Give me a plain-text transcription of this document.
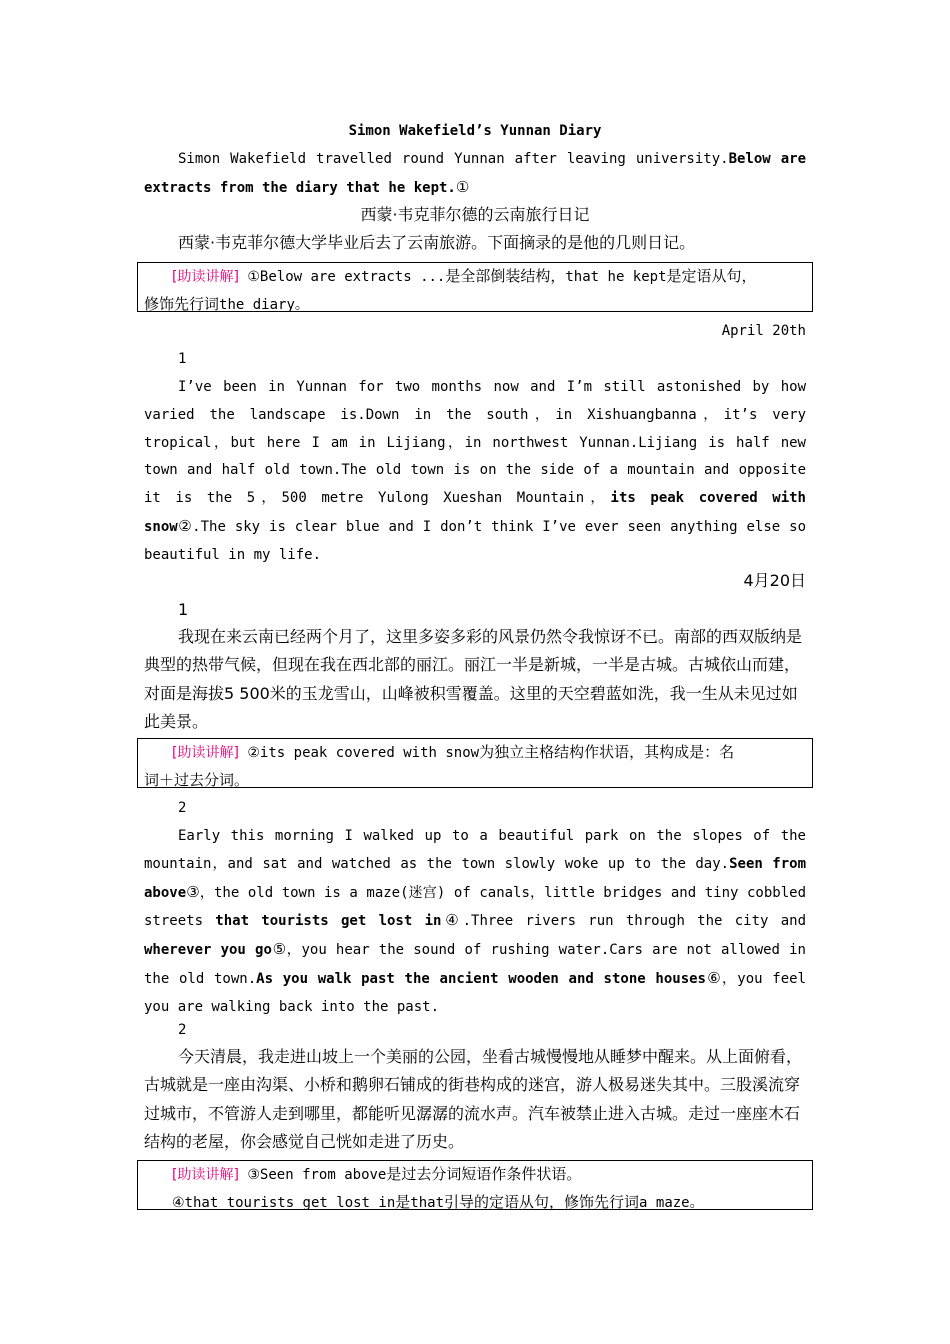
Simon Wakefield’s Yunnan Diary

Simon Wakefield travelled round Yunnan after leaving university.Below are extracts from the diary that he kept.①

西蒙·韦克菲尔德的云南旅行日记

西蒙·韦克菲尔德大学毕业后去了云南旅游。下面摘录的是他的几则日记。

[助读讲解] ①Below are extracts ...是全部倒装结构，that he kept是定语从句，

修饰先行词the diary。

April 20th

1

I’ve been in Yunnan for two months now and I’m still astonished by how varied the landscape is.Down in the south，in Xishuangbanna，it’s very tropical，but here I am in Lijiang，in northwest Yunnan.Lijiang is half new town and half old town.The old town is on the side of a mountain and opposite it is the 5，500 metre Yulong Xueshan Mountain，its peak covered with snow②.The sky is clear blue and I don’t think I’ve ever seen anything else so beautiful in my life.

4月20日

1

我现在来云南已经两个月了，这里多姿多彩的风景仍然令我惊讶不已。南部的西双版纳是典型的热带气候，但现在我在西北部的丽江。丽江一半是新城，一半是古城。古城依山而建，对面是海拔5 500米的玉龙雪山，山峰被积雪覆盖。这里的天空碧蓝如洗，我一生从未见过如此美景。

[助读讲解] ②its peak covered with snow为独立主格结构作状语，其构成是：名

词＋过去分词。

2

Early this morning I walked up to a beautiful park on the slopes of the mountain，and sat and watched as the town slowly woke up to the day.Seen from above③，the old town is a maze(迷宫) of canals，little bridges and tiny cobbled streets that tourists get lost in④.Three rivers run through the city and wherever you go⑤，you hear the sound of rushing water.Cars are not allowed in the old town.As you walk past the ancient wooden and stone houses⑥，you feel you are walking back into the past.

2

今天清晨，我走进山坡上一个美丽的公园，坐看古城慢慢地从睡梦中醒来。从上面俯看，古城就是一座由沟渠、小桥和鹅卵石铺成的街巷构成的迷宫，游人极易迷失其中。三股溪流穿过城市，不管游人走到哪里，都能听见潺潺的流水声。汽车被禁止进入古城。走过一座座木石结构的老屋，你会感觉自己恍如走进了历史。

[助读讲解] ③Seen from above是过去分词短语作条件状语。

④that tourists get lost in是that引导的定语从句，修饰先行词a maze。
